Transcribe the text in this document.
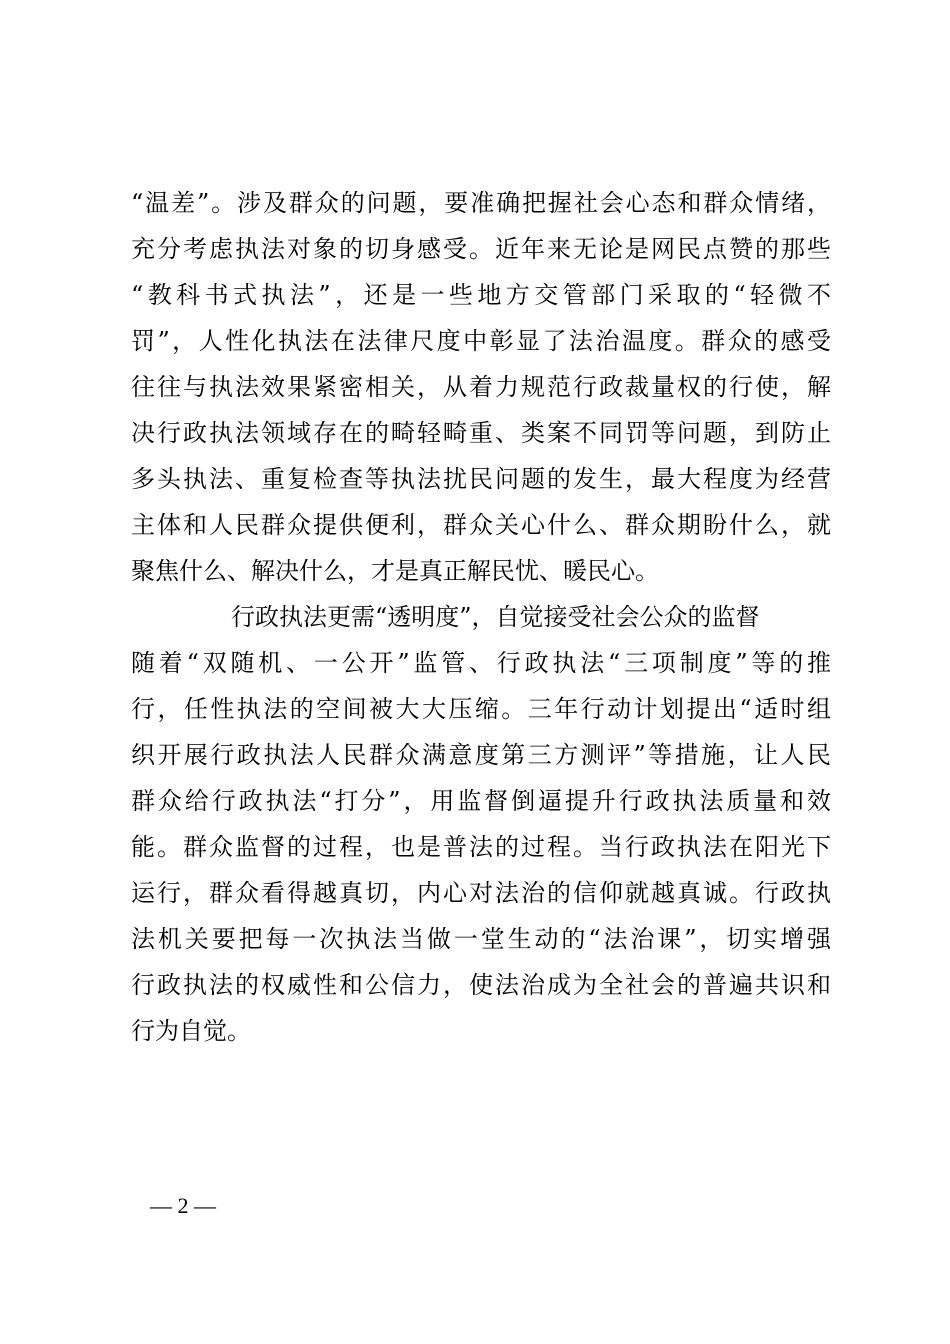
“温差”。涉及群众的问题，要准确把握社会心态和群众情绪，
充分考虑执法对象的切身感受。近年来无论是网民点赞的那些
“教科书式执法”，还是一些地方交管部门采取的“轻微不
罚”，人性化执法在法律尺度中彰显了法治温度。群众的感受
往往与执法效果紧密相关，从着力规范行政裁量权的行使，解
决行政执法领域存在的畸轻畸重、类案不同罚等问题，到防止
多头执法、重复检查等执法扰民问题的发生，最大程度为经营
主体和人民群众提供便利，群众关心什么、群众期盼什么，就
聚焦什么、解决什么，才是真正解民忧、暖民心。
行政执法更需“透明度”，自觉接受社会公众的监督
随着“双随机、一公开”监管、行政执法“三项制度”等的推
行，任性执法的空间被大大压缩。三年行动计划提出“适时组
织开展行政执法人民群众满意度第三方测评”等措施，让人民
群众给行政执法“打分”，用监督倒逼提升行政执法质量和效
能。群众监督的过程，也是普法的过程。当行政执法在阳光下
运行，群众看得越真切，内心对法治的信仰就越真诚。行政执
法机关要把每一次执法当做一堂生动的“法治课”，切实增强
行政执法的权威性和公信力，使法治成为全社会的普遍共识和
行为自觉。
— 2 —
